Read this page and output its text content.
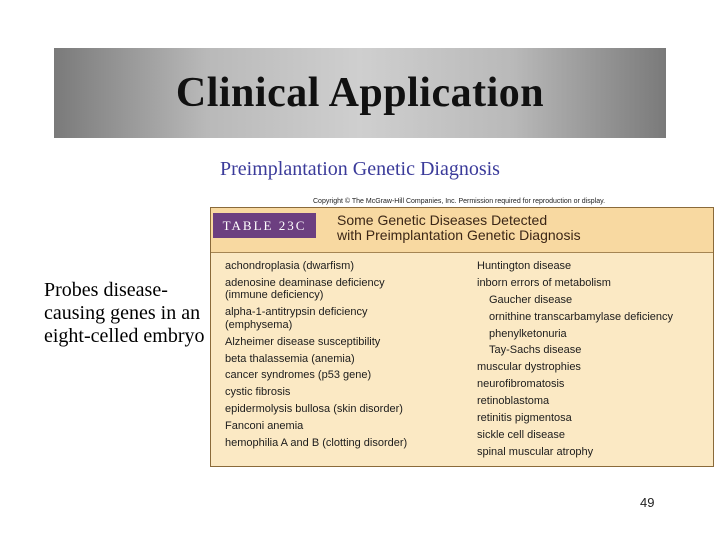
Clinical Application
Preimplantation Genetic Diagnosis
Copyright © The McGraw-Hill Companies, Inc. Permission required for reproduction or display.
Probes disease-causing genes in an eight-celled embryo
TABLE 23C	Some Genetic Diseases Detected
with Preimplantation Genetic Diagnosis
achondroplasia (dwarfism)
adenosine deaminase deficiency
(immune deficiency)
alpha-1-antitrypsin deficiency
(emphysema)
Alzheimer disease susceptibility
beta thalassemia (anemia)
cancer syndromes (p53 gene)
cystic fibrosis
epidermolysis bullosa (skin disorder)
Fanconi anemia
hemophilia A and B (clotting disorder)
Huntington disease
inborn errors of metabolism
Gaucher disease
ornithine transcarbamylase deficiency
phenylketonuria
Tay-Sachs disease
muscular dystrophies
neurofibromatosis
retinoblastoma
retinitis pigmentosa
sickle cell disease
spinal muscular atrophy
49
